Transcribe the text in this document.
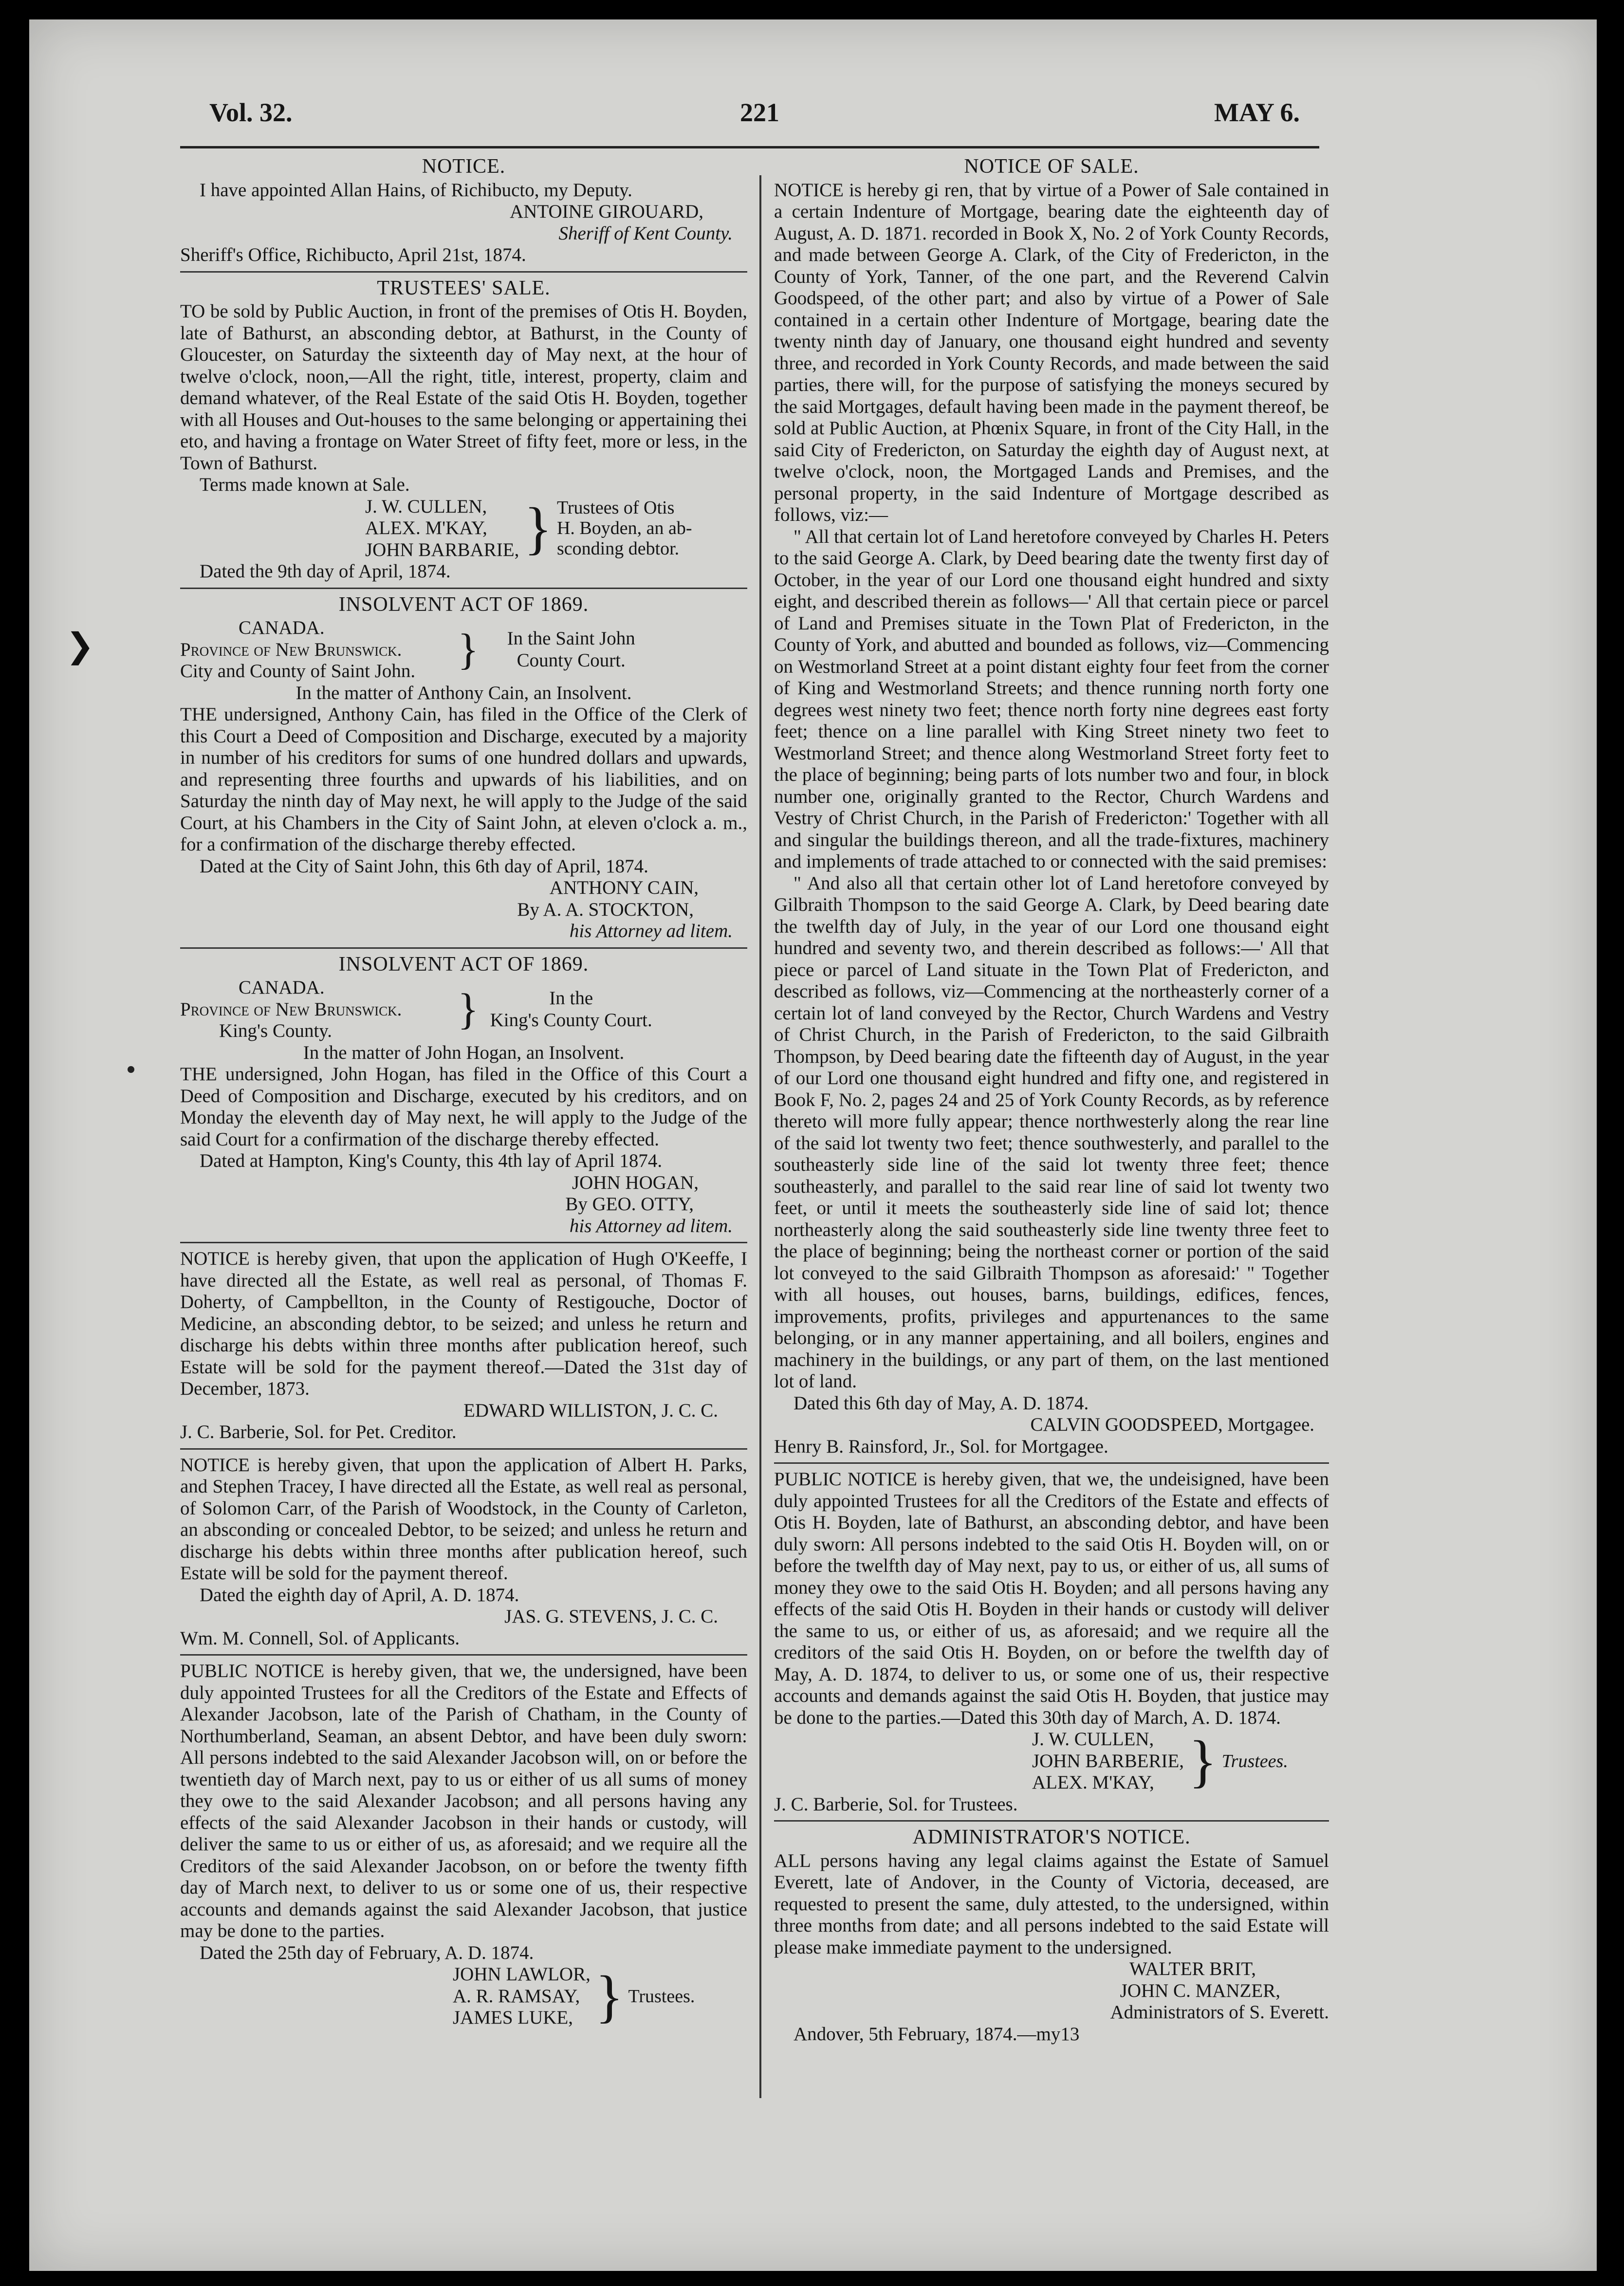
Vol. 32.	221	MAY 6.
NOTICE.

I have appointed Allan Hains, of Richibucto, my Deputy.

ANTOINE GIROUARD,

Sheriff of Kent County.

Sheriff's Office, Richibucto, April 21st, 1874.

TRUSTEES' SALE.

TO be sold by Public Auction, in front of the premises of Otis H. Boyden, late of Bathurst, an absconding debtor, at Bathurst, in the County of Gloucester, on Saturday the sixteenth day of May next, at the hour of twelve o'clock, noon,—All the right, title, interest, property, claim and demand whatever, of the Real Estate of the said Otis H. Boyden, together with all Houses and Out-houses to the same belonging or appertaining thei eto, and having a frontage on Water Street of fifty feet, more or less, in the Town of Bathurst.

Terms made known at Sale.

J. W. CULLEN,
ALEX. M'KAY,
JOHN BARBARIE, } Trustees of Otis
H. Boyden, an ab-
sconding debtor.

Dated the 9th day of April, 1874.

INSOLVENT ACT OF 1869.
CANADA.
Province of New Brunswick.
City and County of Saint John. }	In the Saint John
County Court.

In the matter of Anthony Cain, an Insolvent.

THE undersigned, Anthony Cain, has filed in the Office of the Clerk of this Court a Deed of Composition and Discharge, executed by a majority in number of his creditors for sums of one hundred dollars and upwards, and representing three fourths and upwards of his liabilities, and on Saturday the ninth day of May next, he will apply to the Judge of the said Court, at his Chambers in the City of Saint John, at eleven o'clock a. m., for a confirmation of the discharge thereby effected.

Dated at the City of Saint John, this 6th day of April, 1874.

ANTHONY CAIN,

By A. A. STOCKTON,

his Attorney ad litem.

INSOLVENT ACT OF 1869.
CANADA.
Province of New Brunswick.
King's County.	}	In the
King's County Court.

In the matter of John Hogan, an Insolvent.

THE undersigned, John Hogan, has filed in the Office of this Court a Deed of Composition and Discharge, executed by his creditors, and on Monday the eleventh day of May next, he will apply to the Judge of the said Court for a confirmation of the discharge thereby effected.

Dated at Hampton, King's County, this 4th lay of April 1874.

JOHN HOGAN,

By GEO. OTTY,

his Attorney ad litem.

NOTICE is hereby given, that upon the application of Hugh O'Keeffe, I have directed all the Estate, as well real as personal, of Thomas F. Doherty, of Campbellton, in the County of Restigouche, Doctor of Medicine, an absconding debtor, to be seized; and unless he return and discharge his debts within three months after publication hereof, such Estate will be sold for the payment thereof.—Dated the 31st day of December, 1873.

EDWARD WILLISTON, J. C. C.

J. C. Barberie, Sol. for Pet. Creditor.

NOTICE is hereby given, that upon the application of Albert H. Parks, and Stephen Tracey, I have directed all the Estate, as well real as personal, of Solomon Carr, of the Parish of Woodstock, in the County of Carleton, an absconding or concealed Debtor, to be seized; and unless he return and discharge his debts within three months after publication hereof, such Estate will be sold for the payment thereof.

Dated the eighth day of April, A. D. 1874.

JAS. G. STEVENS, J. C. C.

Wm. M. Connell, Sol. of Applicants.

PUBLIC NOTICE is hereby given, that we, the undersigned, have been duly appointed Trustees for all the Creditors of the Estate and Effects of Alexander Jacobson, late of the Parish of Chatham, in the County of Northumberland, Seaman, an absent Debtor, and have been duly sworn: All persons indebted to the said Alexander Jacobson will, on or before the twentieth day of March next, pay to us or either of us all sums of money they owe to the said Alexander Jacobson; and all persons having any effects of the said Alexander Jacobson in their hands or custody, will deliver the same to us or either of us, as aforesaid; and we require all the Creditors of the said Alexander Jacobson, on or before the twenty fifth day of March next, to deliver to us or some one of us, their respective accounts and demands against the said Alexander Jacobson, that justice may be done to the parties.

Dated the 25th day of February, A. D. 1874.

JOHN LAWLOR,
A. R. RAMSAY,
JAMES LUKE, } Trustees.
NOTICE OF SALE.

NOTICE is hereby gi ren, that by virtue of a Power of Sale contained in a certain Indenture of Mortgage, bearing date the eighteenth day of August, A. D. 1871. recorded in Book X, No. 2 of York County Records, and made between George A. Clark, of the City of Fredericton, in the County of York, Tanner, of the one part, and the Reverend Calvin Goodspeed, of the other part; and also by virtue of a Power of Sale contained in a certain other Indenture of Mortgage, bearing date the twenty ninth day of January, one thousand eight hundred and seventy three, and recorded in York County Records, and made between the said parties, there will, for the purpose of satisfying the moneys secured by the said Mortgages, default having been made in the payment thereof, be sold at Public Auction, at Phœnix Square, in front of the City Hall, in the said City of Fredericton, on Saturday the eighth day of August next, at twelve o'clock, noon, the Mortgaged Lands and Premises, and the personal property, in the said Indenture of Mortgage described as follows, viz:—

" All that certain lot of Land heretofore conveyed by Charles H. Peters to the said George A. Clark, by Deed bearing date the twenty first day of October, in the year of our Lord one thousand eight hundred and sixty eight, and described therein as follows—' All that certain piece or parcel of Land and Premises situate in the Town Plat of Fredericton, in the County of York, and abutted and bounded as follows, viz—Commencing on Westmorland Street at a point distant eighty four feet from the corner of King and Westmorland Streets; and thence running north forty one degrees west ninety two feet; thence north forty nine degrees east forty feet; thence on a line parallel with King Street ninety two feet to Westmorland Street; and thence along Westmorland Street forty feet to the place of beginning; being parts of lots number two and four, in block number one, originally granted to the Rector, Church Wardens and Vestry of Christ Church, in the Parish of Fredericton:' Together with all and singular the buildings thereon, and all the trade-fixtures, machinery and implements of trade attached to or connected with the said premises:

" And also all that certain other lot of Land heretofore conveyed by Gilbraith Thompson to the said George A. Clark, by Deed bearing date the twelfth day of July, in the year of our Lord one thousand eight hundred and seventy two, and therein described as follows:—' All that piece or parcel of Land situate in the Town Plat of Fredericton, and described as follows, viz—Commencing at the northeasterly corner of a certain lot of land conveyed by the Rector, Church Wardens and Vestry of Christ Church, in the Parish of Fredericton, to the said Gilbraith Thompson, by Deed bearing date the fifteenth day of August, in the year of our Lord one thousand eight hundred and fifty one, and registered in Book F, No. 2, pages 24 and 25 of York County Records, as by reference thereto will more fully appear; thence northwesterly along the rear line of the said lot twenty two feet; thence southwesterly, and parallel to the southeasterly side line of the said lot twenty three feet; thence southeasterly, and parallel to the said rear line of said lot twenty two feet, or until it meets the southeasterly side line of said lot; thence northeasterly along the said southeasterly side line twenty three feet to the place of beginning; being the northeast corner or portion of the said lot conveyed to the said Gilbraith Thompson as aforesaid:' " Together with all houses, out houses, barns, buildings, edifices, fences, improvements, profits, privileges and appurtenances to the same belonging, or in any manner appertaining, and all boilers, engines and machinery in the buildings, or any part of them, on the last mentioned lot of land.

Dated this 6th day of May, A. D. 1874.

CALVIN GOODSPEED, Mortgagee.

Henry B. Rainsford, Jr., Sol. for Mortgagee.

PUBLIC NOTICE is hereby given, that we, the undeisigned, have been duly appointed Trustees for all the Creditors of the Estate and effects of Otis H. Boyden, late of Bathurst, an absconding debtor, and have been duly sworn: All persons indebted to the said Otis H. Boyden will, on or before the twelfth day of May next, pay to us, or either of us, all sums of money they owe to the said Otis H. Boyden; and all persons having any effects of the said Otis H. Boyden in their hands or custody will deliver the same to us, or either of us, as aforesaid; and we require all the creditors of the said Otis H. Boyden, on or before the twelfth day of May, A. D. 1874, to deliver to us, or some one of us, their respective accounts and demands against the said Otis H. Boyden, that justice may be done to the parties.—Dated this 30th day of March, A. D. 1874.

J. W. CULLEN,
JOHN BARBERIE,
ALEX. M'KAY, } Trustees.

J. C. Barberie, Sol. for Trustees.

ADMINISTRATOR'S NOTICE.

ALL persons having any legal claims against the Estate of Samuel Everett, late of Andover, in the County of Victoria, deceased, are requested to present the same, duly attested, to the undersigned, within three months from date; and all persons indebted to the said Estate will please make immediate payment to the undersigned.

WALTER BRIT,

JOHN C. MANZER,

Administrators of S. Everett.

Andover, 5th February, 1874.—my13

❯
